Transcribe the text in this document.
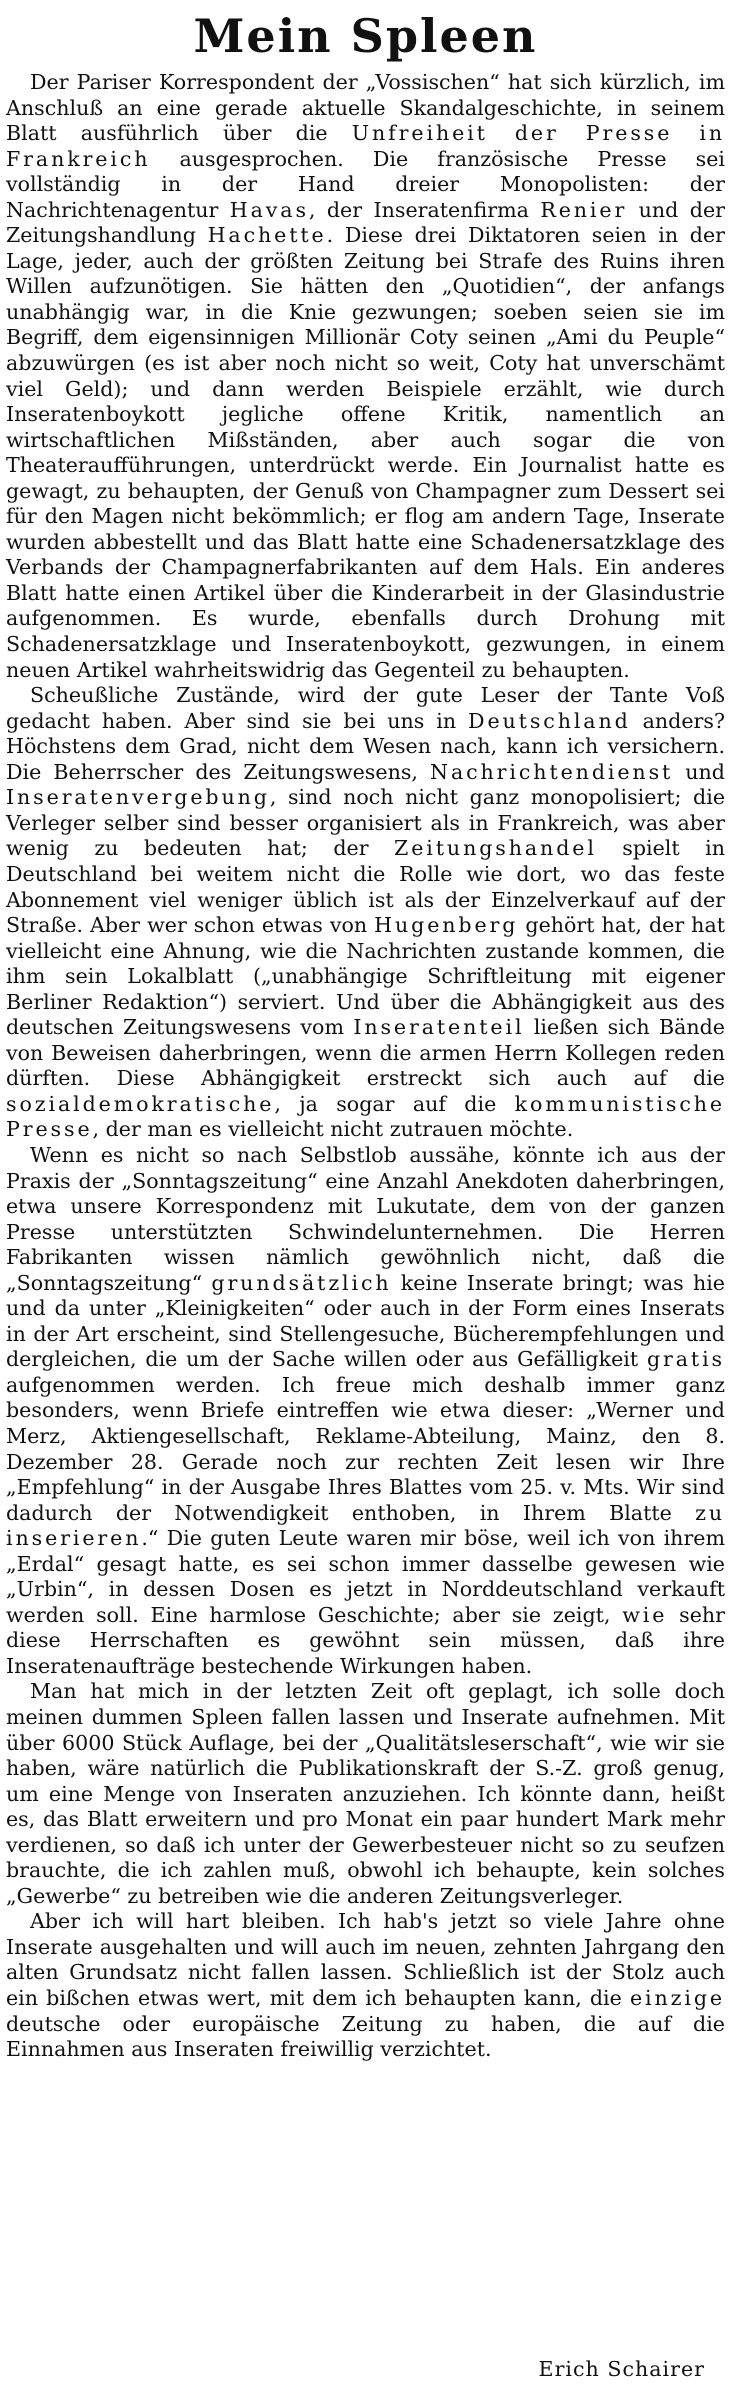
Mein Spleen

Der Pariser Korrespondent der „Vossischen“ hat sich kürzlich, im Anschluß an eine gerade aktuelle Skandalgeschichte, in seinem Blatt ausführlich über die Unfreiheit der Presse in Frankreich ausgesprochen. Die französische Presse sei vollständig in der Hand dreier Monopolisten: der Nachrichtenagentur Havas, der Inseratenfirma Renier und der Zeitungshandlung Hachette. Diese drei Diktatoren seien in der Lage, jeder, auch der größten Zeitung bei Strafe des Ruins ihren Willen aufzunötigen. Sie hätten den „Quotidien“, der anfangs unabhängig war, in die Knie gezwungen; soeben seien sie im Begriff, dem eigensinnigen Millionär Coty seinen „Ami du Peuple“ abzuwürgen (es ist aber noch nicht so weit, Coty hat unverschämt viel Geld); und dann werden Beispiele erzählt, wie durch Inseratenboykott jegliche offene Kritik, namentlich an wirtschaftlichen Mißständen, aber auch sogar die von Theateraufführungen, unterdrückt werde. Ein Journalist hatte es gewagt, zu behaupten, der Genuß von Champagner zum Dessert sei für den Magen nicht bekömmlich; er flog am andern Tage, Inserate wurden abbestellt und das Blatt hatte eine Schadenersatzklage des Verbands der Champagnerfabrikanten auf dem Hals. Ein anderes Blatt hatte einen Artikel über die Kinderarbeit in der Glasindustrie aufgenommen. Es wurde, ebenfalls durch Drohung mit Schadenersatzklage und Inseratenboykott, gezwungen, in einem neuen Artikel wahrheitswidrig das Gegenteil zu behaupten.

Scheußliche Zustände, wird der gute Leser der Tante Voß gedacht haben. Aber sind sie bei uns in Deutschland anders? Höchstens dem Grad, nicht dem Wesen nach, kann ich versichern. Die Beherrscher des Zeitungswesens, Nachrichtendienst und Inseratenvergebung, sind noch nicht ganz monopolisiert; die Verleger selber sind besser organisiert als in Frankreich, was aber wenig zu bedeuten hat; der Zeitungshandel spielt in Deutschland bei weitem nicht die Rolle wie dort, wo das feste Abonnement viel weniger üblich ist als der Einzelverkauf auf der Straße. Aber wer schon etwas von Hugenberg gehört hat, der hat vielleicht eine Ahnung, wie die Nachrichten zustande kommen, die ihm sein Lokalblatt („unabhängige Schriftleitung mit eigener Berliner Redaktion“) serviert. Und über die Abhängigkeit aus des deutschen Zeitungswesens vom Inseratenteil ließen sich Bände von Beweisen daherbringen, wenn die armen Herrn Kollegen reden dürften. Diese Abhängigkeit erstreckt sich auch auf die sozialdemokratische, ja sogar auf die kommunistische Presse, der man es vielleicht nicht zutrauen möchte.

Wenn es nicht so nach Selbstlob aussähe, könnte ich aus der Praxis der „Sonntagszeitung“ eine Anzahl Anekdoten daherbringen, etwa unsere Korrespondenz mit Lukutate, dem von der ganzen Presse unterstützten Schwindelunternehmen. Die Herren Fabrikanten wissen nämlich gewöhnlich nicht, daß die „Sonntagszeitung“ grundsätzlich keine Inserate bringt; was hie und da unter „Kleinigkeiten“ oder auch in der Form eines Inserats in der Art erscheint, sind Stellengesuche, Bücherempfehlungen und dergleichen, die um der Sache willen oder aus Gefälligkeit gratis aufgenommen werden. Ich freue mich deshalb immer ganz besonders, wenn Briefe eintreffen wie etwa dieser: „Werner und Merz, Aktiengesellschaft, Reklame-Abteilung, Mainz, den 8. Dezember 28. Gerade noch zur rechten Zeit lesen wir Ihre „Empfehlung“ in der Ausgabe Ihres Blattes vom 25. v. Mts. Wir sind dadurch der Notwendigkeit enthoben, in Ihrem Blatte zu inserieren.“ Die guten Leute waren mir böse, weil ich von ihrem „Erdal“ gesagt hatte, es sei schon immer dasselbe gewesen wie „Urbin“, in dessen Dosen es jetzt in Norddeutschland verkauft werden soll. Eine harmlose Geschichte; aber sie zeigt, wie sehr diese Herrschaften es gewöhnt sein müssen, daß ihre Inseratenaufträge bestechende Wirkungen haben.

Man hat mich in der letzten Zeit oft geplagt, ich solle doch meinen dummen Spleen fallen lassen und Inserate aufnehmen. Mit über 6000 Stück Auflage, bei der „Qualitätsleserschaft“, wie wir sie haben, wäre natürlich die Publikationskraft der S.-Z. groß genug, um eine Menge von Inseraten anzuziehen. Ich könnte dann, heißt es, das Blatt erweitern und pro Monat ein paar hundert Mark mehr verdienen, so daß ich unter der Gewerbesteuer nicht so zu seufzen brauchte, die ich zahlen muß, obwohl ich behaupte, kein solches „Gewerbe“ zu betreiben wie die anderen Zeitungsverleger.

Aber ich will hart bleiben. Ich hab's jetzt so viele Jahre ohne Inserate ausgehalten und will auch im neuen, zehnten Jahrgang den alten Grundsatz nicht fallen lassen. Schließlich ist der Stolz auch ein bißchen etwas wert, mit dem ich behaupten kann, die einzige deutsche oder europäische Zeitung zu haben, die auf die Einnahmen aus Inseraten freiwillig verzichtet.

Erich Schairer
